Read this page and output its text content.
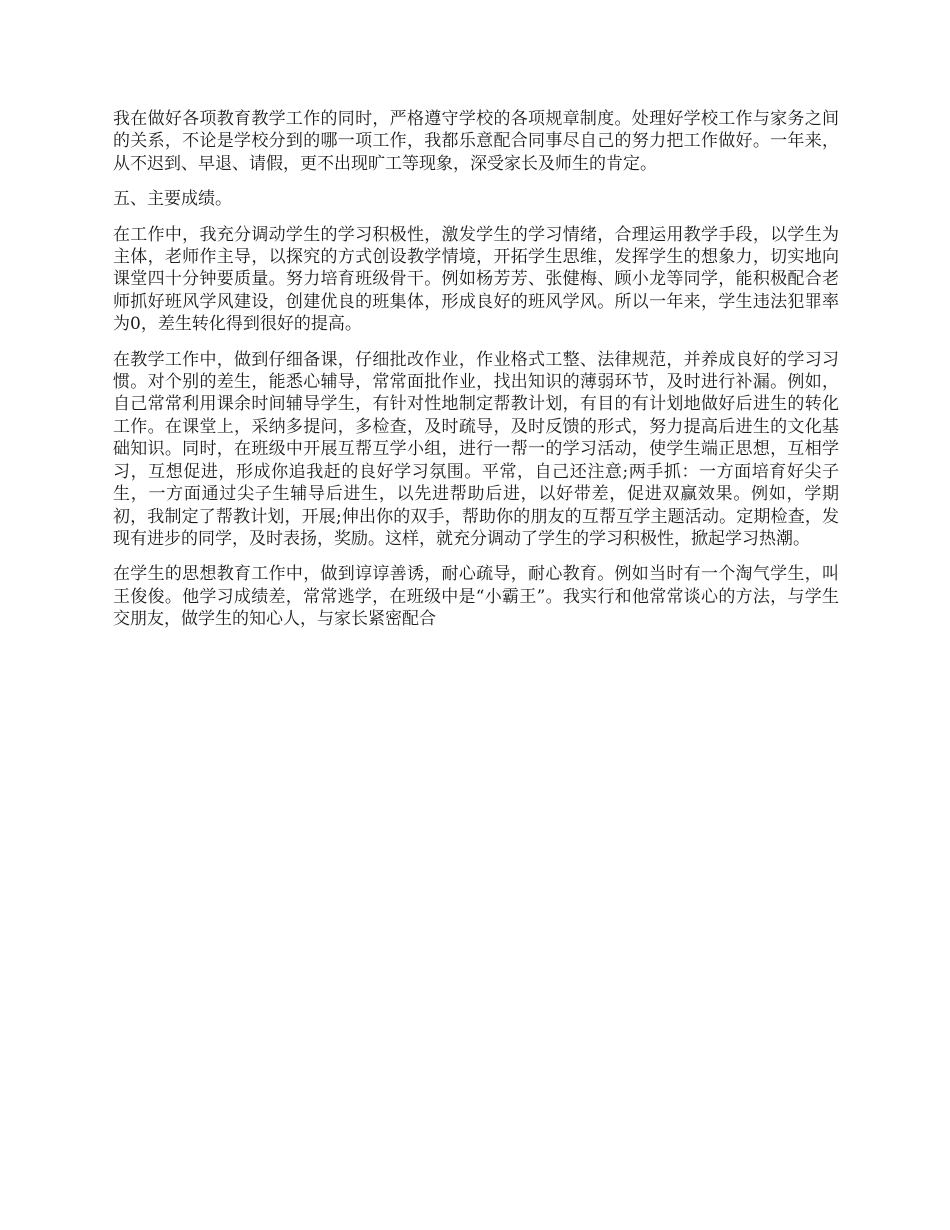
我在做好各项教育教学工作的同时，严格遵守学校的各项规章制度。处理好学校工作与家务之间的关系，不论是学校分到的哪一项工作，我都乐意配合同事尽自己的努力把工作做好。一年来，从不迟到、早退、请假，更不出现旷工等现象，深受家长及师生的肯定。

五、主要成绩。

在工作中，我充分调动学生的学习积极性，激发学生的学习情绪，合理运用教学手段，以学生为主体，老师作主导，以探究的方式创设教学情境，开拓学生思维，发挥学生的想象力，切实地向课堂四十分钟要质量。努力培育班级骨干。例如杨芳芳、张健梅、顾小龙等同学，能积极配合老师抓好班风学风建设，创建优良的班集体，形成良好的班风学风。所以一年来，学生违法犯罪率为0，差生转化得到很好的提高。

在教学工作中，做到仔细备课，仔细批改作业，作业格式工整、法律规范，并养成良好的学习习惯。对个别的差生，能悉心辅导，常常面批作业，找出知识的薄弱环节，及时进行补漏。例如，自己常常利用课余时间辅导学生，有针对性地制定帮教计划，有目的有计划地做好后进生的转化工作。在课堂上，采纳多提问，多检查，及时疏导，及时反馈的形式，努力提高后进生的文化基础知识。同时，在班级中开展互帮互学小组，进行一帮一的学习活动，使学生端正思想，互相学习，互想促进，形成你追我赶的良好学习氛围。平常，自己还注意;两手抓：一方面培育好尖子生，一方面通过尖子生辅导后进生，以先进帮助后进，以好带差，促进双赢效果。例如，学期初，我制定了帮教计划，开展;伸出你的双手，帮助你的朋友的互帮互学主题活动。定期检查，发现有进步的同学，及时表扬，奖励。这样，就充分调动了学生的学习积极性，掀起学习热潮。

在学生的思想教育工作中，做到谆谆善诱，耐心疏导，耐心教育。例如当时有一个淘气学生，叫王俊俊。他学习成绩差，常常逃学，在班级中是“小霸王”。我实行和他常常谈心的方法，与学生交朋友，做学生的知心人，与家长紧密配合
